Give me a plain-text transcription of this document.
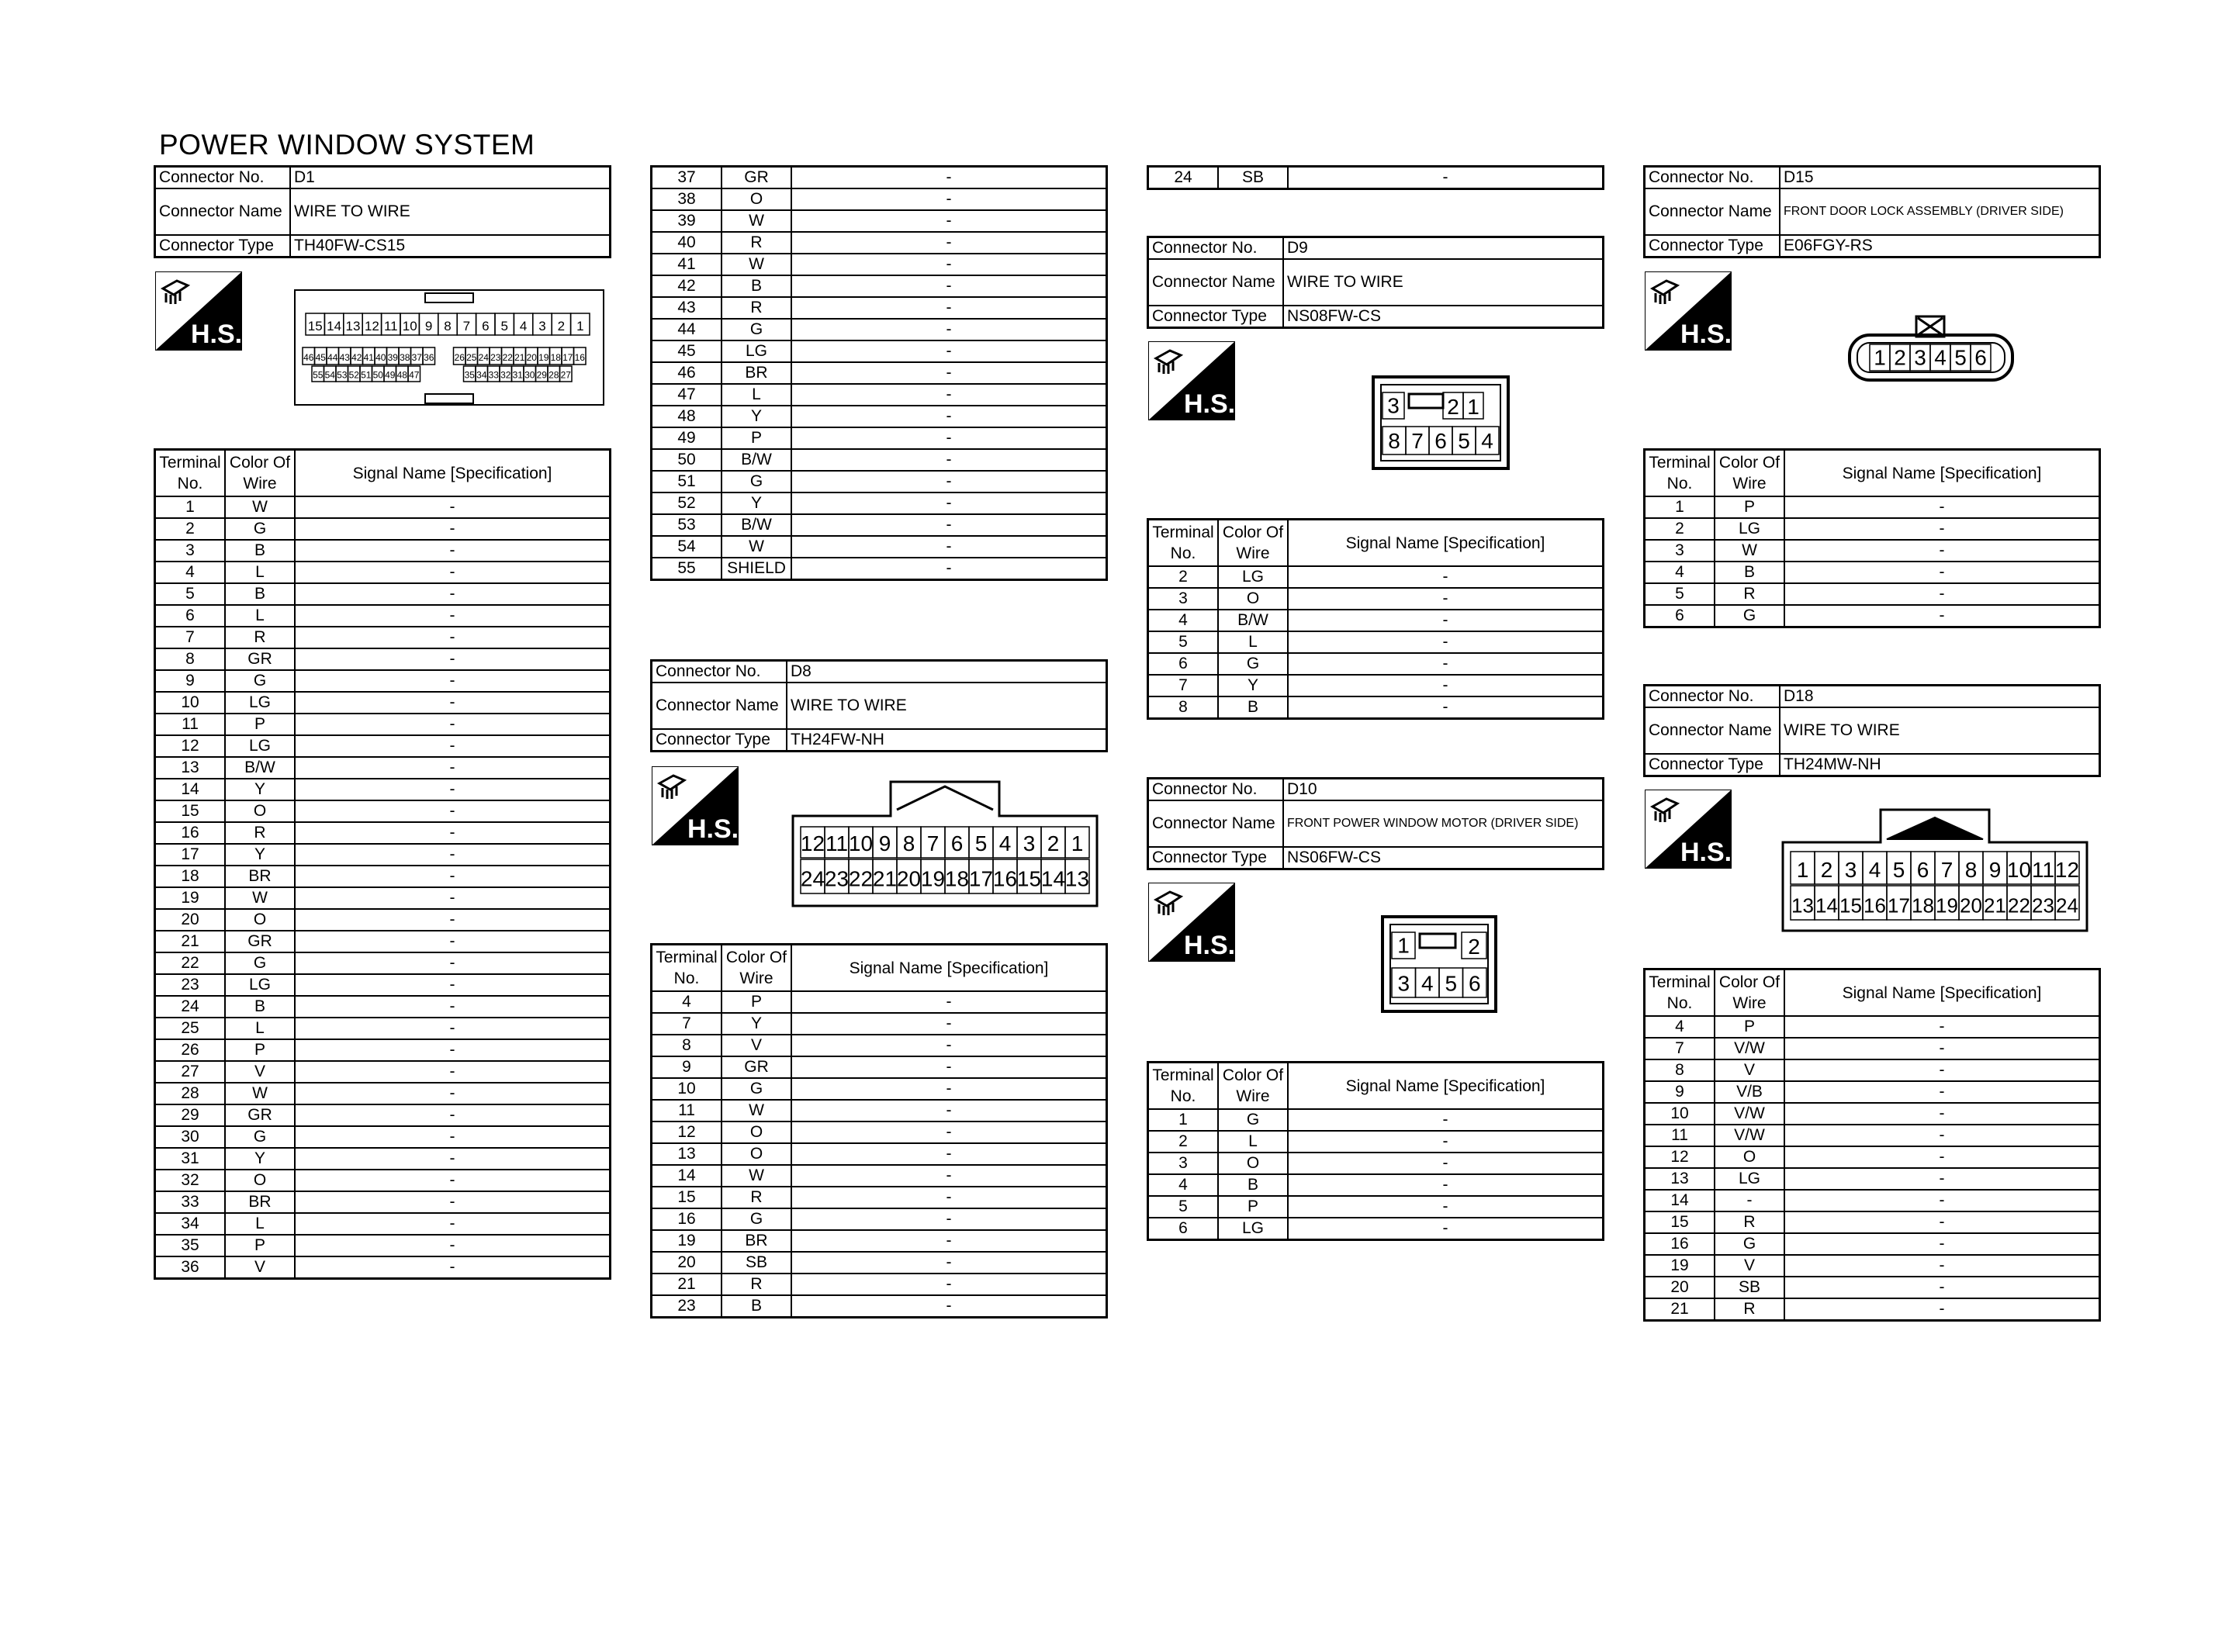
POWER WINDOW SYSTEM
Connector No.	D1
Connector Name	WIRE TO WIRE
Connector Type	TH40FW-CS15
H.S.	15 14 13 12 11 10 9 8 7 6 5 4 3 2 1
46 45 44 43 42 41 40 39 38 37 36 26 25 24 23 22 21 20 19 18 17 16
55 54 53 52 51 50 49 48 47	35 34 33 32 31 30 29 28 27
Terminal No.	Color Of Wire	Signal Name [Specification]
1	W	-
2	G	-
3	B	-
4	L	-
5	B	-
6	L	-
7	R	-
8	GR	-
9	G	-
10	LG	-
11	P	-
12	LG	-
13	B/W	-
14	Y	-
15	O	-
16	R	-
17	Y	-
18	BR	-
19	W	-
20	O	-
21	GR	-
22	G	-
23	LG	-
24	B	-
25	L	-
26	P	-
27	V	-
28	W	-
29	GR	-
30	G	-
31	Y	-
32	O	-
33	BR	-
34	L	-
35	P	-
36	V	-
37	GR	-
38	O	-
39	W	-
40	R	-
41	W	-
42	B	-
43	R	-
44	G	-
45	LG	-
46	BR	-
47	L	-
48	Y	-
49	P	-
50	B/W	-
51	G	-
52	Y	-
53	B/W	-
54	W	-
55	SHIELD	-
Connector No.	D8
Connector Name	WIRE TO WIRE
Connector Type	TH24FW-NH
H.S.	12 11 10 9 8 7 6 5 4 3 2 1
24 23 22 21 20 19 18 17 16 15 14 13
Terminal No.	Color Of Wire	Signal Name [Specification]
4	P	-
7	Y	-
8	V	-
9	GR	-
10	G	-
11	W	-
12	O	-
13	O	-
14	W	-
15	R	-
16	G	-
19	BR	-
20	SB	-
21	R	-
23	B	-
24	SB	-
Connector No.	D9
Connector Name	WIRE TO WIRE
Connector Type	NS08FW-CS
H.S.	3 2 1
8 7 6 5 4
Terminal No.	Color Of Wire	Signal Name [Specification]
2	LG	-
3	O	-
4	B/W	-
5	L	-
6	G	-
7	Y	-
8	B	-
Connector No.	D10
Connector Name	FRONT POWER WINDOW MOTOR (DRIVER SIDE)
Connector Type	NS06FW-CS
H.S.	1	2
3 4 5 6
Terminal No.	Color Of Wire	Signal Name [Specification]
1	G	-
2	L	-
3	O	-
4	B	-
5	P	-
6	LG	-
Connector No.	D15
Connector Name	FRONT DOOR LOCK ASSEMBLY (DRIVER SIDE)
Connector Type	E06FGY-RS
H.S.
1 2 3 4 5 6
Terminal No.	Color Of Wire	Signal Name [Specification]
1	P	-
2	LG	-
3	W	-
4	B	-
5	R	-
6	G	-
Connector No.	D18
Connector Name	WIRE TO WIRE
Connector Type	TH24MW-NH
H.S.
1 2 3 4 5 6 7 8 9 10 11 12
13 14 15 16 17 18 19 20 21 22 23 24
Terminal No.	Color Of Wire	Signal Name [Specification]
4	P	-
7	V/W	-
8	V	-
9	V/B	-
10	V/W	-
11	V/W	-
12	O	-
13	LG	-
14	-	-
15	R	-
16	G	-
19	V	-
20	SB	-
21	R	-
